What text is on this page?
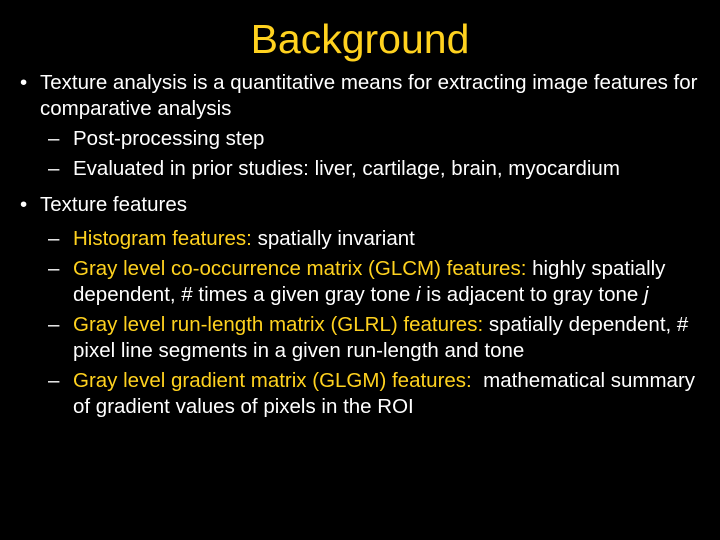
Background
• Texture analysis is a quantitative means for extracting image features for comparative analysis
– Post-processing step
– Evaluated in prior studies: liver, cartilage, brain, myocardium
• Texture features
– Histogram features: spatially invariant
– Gray level co-occurrence matrix (GLCM) features: highly spatially dependent, # times a given gray tone i is adjacent to gray tone j
– Gray level run-length matrix (GLRL) features: spatially dependent, # pixel line segments in a given run-length and tone
– Gray level gradient matrix (GLGM) features:  mathematical summary of gradient values of pixels in the ROI
